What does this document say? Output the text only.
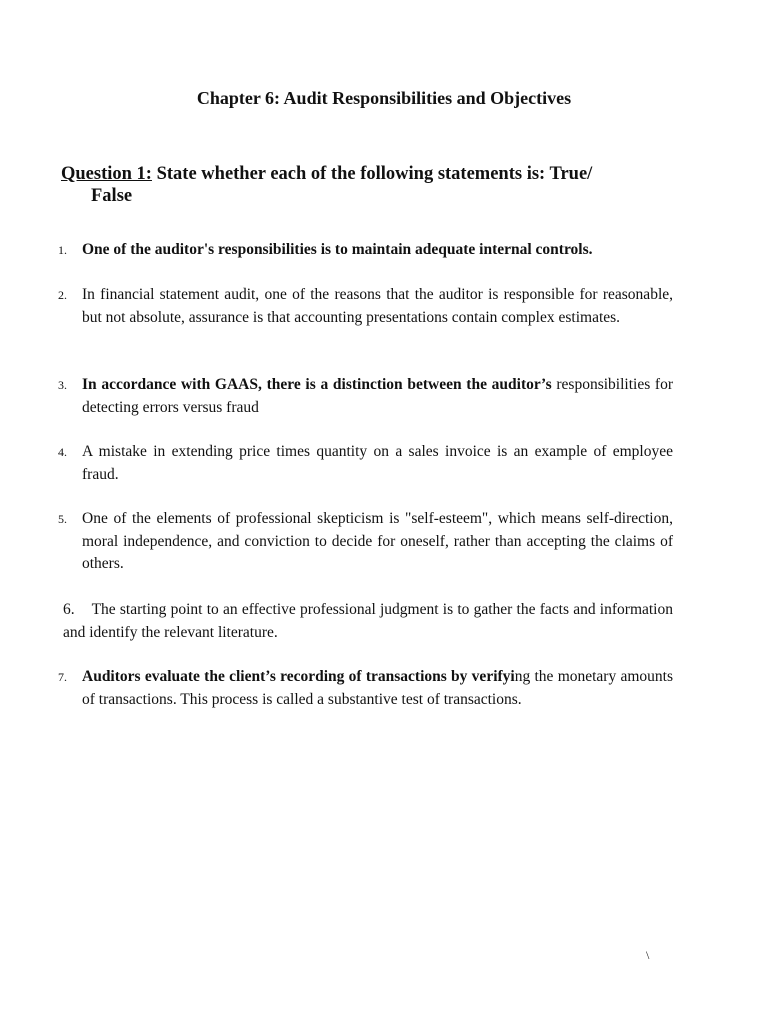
Chapter 6: Audit Responsibilities and Objectives
Question 1: State whether each of the following statements is: True/
False
1. One of the auditor's responsibilities is to maintain adequate internal controls.
2. In financial statement audit, one of the reasons that the auditor is responsible for reasonable, but not absolute, assurance is that accounting presentations contain complex estimates.
3. In accordance with GAAS, there is a distinction between the auditor’s responsibilities for detecting errors versus fraud
4. A mistake in extending price times quantity on a sales invoice is an example of employee fraud.
5. One of the elements of professional skepticism is "self-esteem", which means self-direction, moral independence, and conviction to decide for oneself, rather than accepting the claims of others.
6. The starting point to an effective professional judgment is to gather the facts and information and identify the relevant literature.
7. Auditors evaluate the client’s recording of transactions by verifying the monetary amounts of transactions. This process is called a substantive test of transactions.
\
